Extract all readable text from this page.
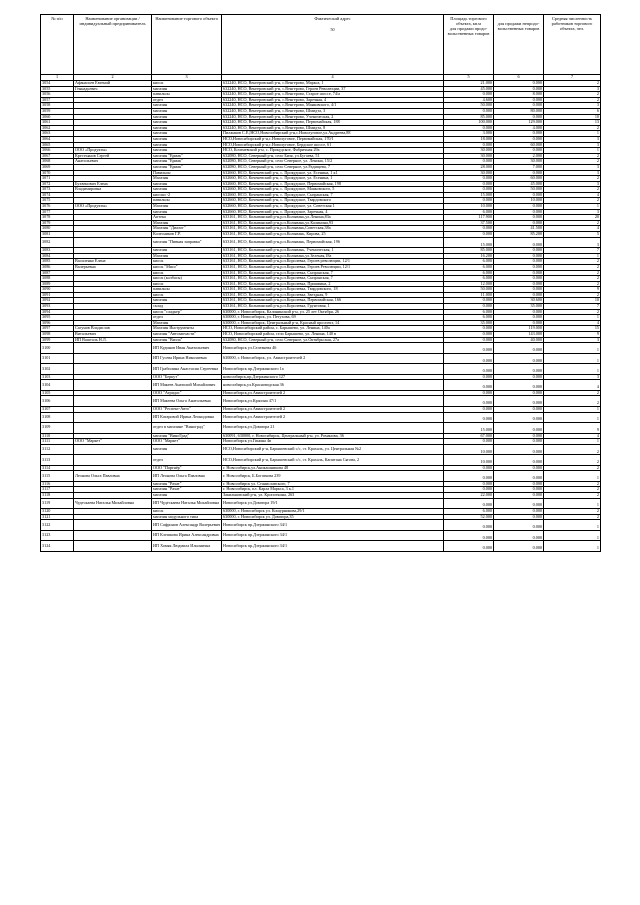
№ п/п	Наименование организации / индивидуальный предприниматель	Наименование торгового объекта	Фактический адрес
50	Площадь торгового объекта, кв.м
для продажи продо-вольственных товаров	для продажи непродо-вольственных товаров	Средняя численность работников торгового объекта, чел.
1	2	3	4	5	6	7
3054	Афанасьев Евгений	киоск	632240, НСО, Венгеровский р-н, с.Венгерово, Маркса, 1	21.000	0.000	2
3055	Геннадьевич	магазин	632240, НСО, Венгеровский р-н, с.Венгерово, Героев Революции, 37	45.000	0.000	3
3056		павильон	632240, НСО, Венгеровский р-н, с.Венгерово, Старое шоссе, 74/а	0.000	8.000	2
3057		отдел	632240, НСО, Венгеровский р-н, с.Венгерово, Заречная, 4	4.600	0.000	2
3058		магазин	632240, НСО, Венгеровский р-н, с.Венгерово, Маяковского, 4/1	50.000	0.000	3
3059		магазин	632240, НСО, Венгеровский р-н, с.Венгерово, Шмидта, 3	0.000	80.000	6
3060		магазин	632240, НСО, Венгеровский р-н, с.Венгерово, Ученическая, 2	85.000	0.000	10
3061		магазин	632240, НСО, Венгеровский р-н, с.Венгерово, Первомайская, 188	100.000	129.000	13
3062		магазин	632240, НСО, Венгеровский р-н, с.Венгерово, Шмидта, 8	0.000	4.000	2
3063		магазин	Пилжаков С.Е.|НСО,Новосибирский р-н,с.Новолуговое,ул.Андреева,88	3.000	0.000	1
3064		магазин	НСО,Новосибирский р-н,с.Новолуговое, Первомайская, 170/1	18.000	0.000	3
3065		магазин	НСО,Новосибирский р-н,с.Новолуговое, Бердское шоссе, 61	0.000	60.000	3
3066	ООО «Продукты»	магазин	НСО, Коченевский р-н, с. Прокудское, Фабричная 29а	30.000	0.000	1
3067	Крестьянов Сергей	магазин "Ермак"	632080, НСО, Северный р-н, село Бизя, ул.Бугаева, 51	30.000	2.000	2
3068	Анатольевич	магазин "Ермак"	632080, НСО, Северный р-н, село Северное, ул. Ленина, 15/2	0.000	30.000	2
3069		магазин "Ермак"	632080, НСО, Северный р-н, село Северное, ул.Радищева, 7	28.000	7.000	3
3070		Павильон	632660, НСО, Коченевский р-н, с. Прокудское, ул. Есенина, 1 к1	30.000	0.000	3
3071		Магазин	632660, НСО, Коченевский р-н, с. Прокудское, ул. Есенина, 1	0.000	60.000	2
3072	Бухвенович Елена	магазин	632660, НСО, Коченевский р-н, с. Прокудское, Первомайская, 198	0.000	45.000	3
3073	Владимировна	магазин	632660, НСО, Коченевский р-н, с. Прокудское, Маяковского, 5	0.000	50.000	2
3074		киоски -2	632660, НСО, Коченевский р-н, с. Прокудское, Сызранская, 7	15.000	0.000	4
3075		павильон	632660, НСО, Коченевский р-н, с. Прокудское, Твардовского	0.000	10.000	2
3076	ООО «Продукты»	Магазин	632660, НСО, Коченевский р-н, с. Прокудское, ул. Советская 1	10.000	0.000	1
3077		магазин	632660, НСО, Коченевский р-н, с. Прокудское, Заречная, 4	6.000	0.000	3
3078		Аптека	633161, НСО, Колыванский р-н,р.п.Колывань,ул.Ленина,83а	117.900	0.000	20
3079		Магазин	633161, НСО, Колыванский р-н,р.п.Колывань,ул.Калинина,93	37.500	0.000	2
3080		Магазин "Диалог"	633161, НСО, Колыванский р-н,р.п.Колывань,Советская,38а	0.000	41.500	4
3081		Колесников Г.Р.	633161, НСО, Колыванский р-н,р.п.Колывань, Кирова, 25	0.000	85.200	5
3082		магазин "Пивная заправка"	633161, НСО, Колыванский р-н,р.п.Колывань, Первомайская, 196	15.000	0.000	3
3083		магазин	633161, НСО, Колыванский р-н,р.п.Колывань, Ученическая, 1	85.000	0.000	7
3084		Магазин	633161, НСО, Колыванский р-н,р.п.Колывань,ул.Зеленая,18а	16.200	0.000	1
3085	Василенко Елена	киоск	633161, НСО, Колыванский р-н,р.п.Королевка, Героев революции, 12/1	6.000	0.000	2
3086	Валерьевна	киоск "Мясо"	633161, НСО, Колыванский р-н,р.п.Королевка, Героев Революции, 12/1	6.000	0.000	2
3087		киоск	633161, НСО, Колыванский р-н,р.п.Королевка, Сызранская, 7	6.000	0.000	2
3088		киоск (колбасы)	633161, НСО, Колыванский р-н,р.п.Королевка, Сызранская, 7	6.000	0.000	2
3089		киоск	633161, НСО, Колыванский р-н,р.п.Королевка, Пришвина, 2	12.000	0.000	2
3090		павильон	633161, НСО, Колыванский р-н,р.п.Королевка, Твардовского, 18	50.000	0.000	9
3091		киоск	633161, НСО, Колыванский р-н,р.п.Королевка, Звездная, 9	11.000	0.000	2
3092		магазин	633161, НСО, Колыванский р-н,р.п.Королевка, Первомайская, 166	0.000	30.600	10
3093		склад	633161, НСО, Колыванский р-н,р.п.Королевка, Грунтовая, 1	0.000	35.000	7
3094		киоск "сладкер"	630000, г. Новосибирск, Калининский р-н, ул. 25 лет Октября, 26	6.000	0.000	2
3095		отдел	630000, г. Новосибирск, ул. Петухова, 69	6.000	0.000	1
3096		Магазин	630000, г. Новосибирск, Центральный р-н, Красный проспект, 14	35.000	0.000	4
3097	Сагунов Владислав	Магазин Инструменты	НСО, Новосибирский район, с. Барышево, ул. Ленина, 140а	0.000	119.000	15
3098	Витальевич	магазин "Автозапчасти"	НСО, Новосибирский район, село Барышево, ул. Ленина, 140 в	0.000	143.000	9
3099	ИП Вашталь Н.Л.	магазин "Визла"	632080, НСО, Северный р-н, село Северное, ул.Октябрьская, 27а	0.000	40.000	3
3100		ИП Кудинов Иван Анатольевич	Новосибирск ул.Селезнева 46	0.000	0.000	1
3101		ИП Гусева Ирина Николаевна	630000, г. Новосибирск, ул. Авиастроителей 2	0.000	0.000	1
3102		ИП Грабилина Анастасия Сергеевна	Новосибирск пр.Дзержинского 1а	0.000	0.000	1
3103		ООО "Беркут"	новосибирск,пр.Дзержинского 127	0.000	0.000	3
3104		ИП Макеев Анатолий Михайлович	новосибирск,ул.Красноводская 36	0.000	0.000	4
3105		ООО "Атридас"	Новосибирск,ул.Авиастроителей 2	0.000	0.000	2
3106		ИП Макеева Ольга Анатольевна	Новосибирск,ул.Красина 47/1	0.000	0.000	2
3107		ООО "Респект-Авто"	Новосибирск,ул.Авиастроителей 2	0.000	0.000	1
3108		ИП Катаровой Ирина Леонидовна	Новосибирск,ул.Авиастроителей 2	0.000	0.000	1
3109		отдел в магазине "Виноград"	Новосибирск,ул.Доватора 21	15.000	0.000	9
3110		магазин "ВиноГрад"	630091, 630000, г. Новосибирск, Центральный р-н, ул. Романова, 36	67.000	0.000	4
3111	ООО "Маркет"	ООО "Маркет"	Новосибирск ул.Гинина 4в	0.000	0.000	1
3112		магазин	НСО,Новосибирский р-н, Барышевский с/с, ст. Крахаль, ул. Центральная №2	10.000	0.000	2
3113		отдел	НСО,Новосибирский р-н, Барышевский с/с, ст. Крахаль, Капитана Сягова, 2	10.000	0.000	2
3114		ООО "Партнёр"	г. Новосибирск,ул.Аникашникова 48	0.000	0.000	2
3115	Леонова Ольга Павловна	ИП Леонова Ольга Павловна	г. Новосибирск, Б.Богаткова 239	0.000	0.000	1
3116		магазин "Рахат"	г. Новосибирск ул. Станиславского, 7	0.000	0.000	2
3117		магазин "Рахат"	г. Новосибирск, пл. Карла Маркса, 3 к.1	0.000	0.000	2
3118		магазин	Закильковский р-н, ул. Кропоткина, 263	22.000	0.000	2
3119	Чудескаева Наталья Михайловна	ИП Чудескаева Наталья Михайловна	Новосибирск ул.Доватора 19/1	0.000	0.000	1
3120		киоск	630000, г. Новосибирск ул. Кошурникова,29/1	6.000	0.000	2
3121		магазин модульного типа	630000, г. Новосибирск ул. Доватора,35	52.000	0.000	2
3122		ИП Сафронов Александр Валерьевич	Новосибирск пр.Дзержинского 34/1	0.000	0.000	1
3123		ИП Клешкова Ирина Александровна	Новосибирск пр.Дзержинского 34/1	0.000	0.000	1
3124		ИП Хомяк Людмила Ильинична	Новосибирск пр.Дзержинского 34/1	0.000	0.000	1
